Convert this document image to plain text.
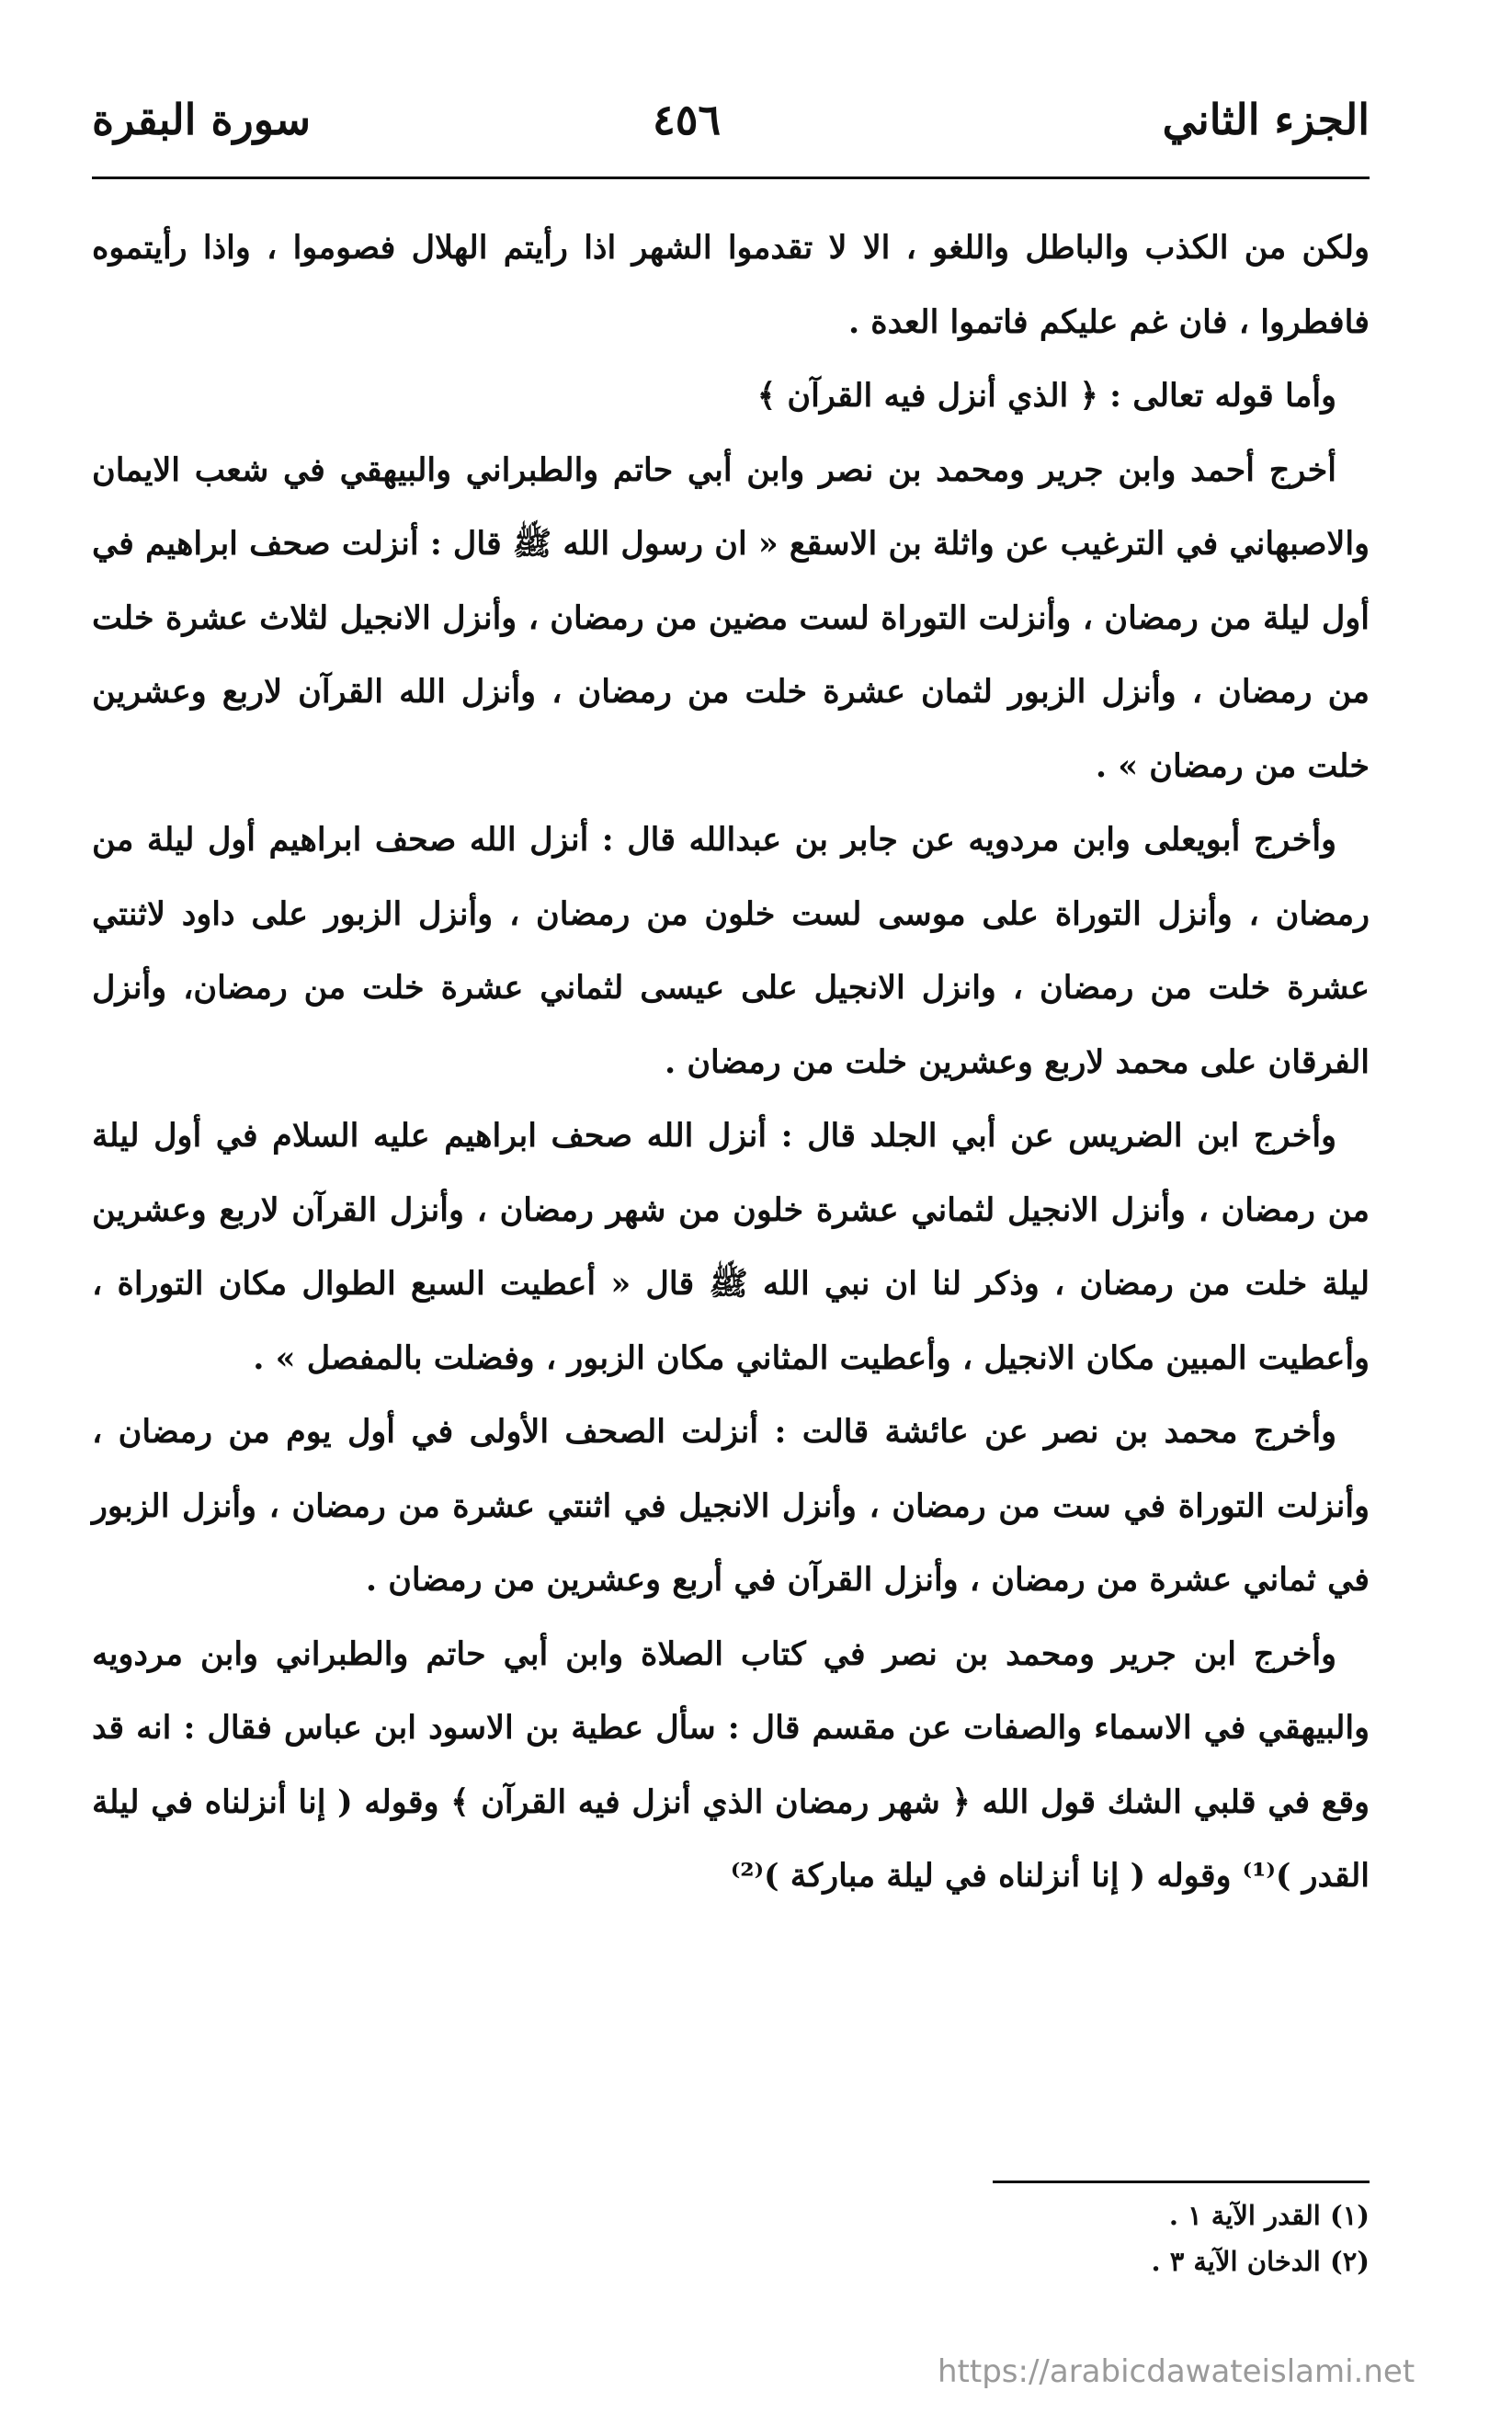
الجزء الثاني
٤٥٦
سورة البقرة

ولكن من الكذب والباطل واللغو ، الا لا تقدموا الشهر اذا رأيتم الهلال فصوموا ، واذا رأيتموه فافطروا ، فان غم عليكم فاتموا العدة .

وأما قوله تعالى : ﴿ الذي أنزل فيه القرآن ﴾

أخرج أحمد وابن جرير ومحمد بن نصر وابن أبي حاتم والطبراني والبيهقي في شعب الايمان والاصبهاني في الترغيب عن واثلة بن الاسقع « ان رسول الله ﷺ قال : أنزلت صحف ابراهيم في أول ليلة من رمضان ، وأنزلت التوراة لست مضين من رمضان ، وأنزل الانجيل لثلاث عشرة خلت من رمضان ، وأنزل الزبور لثمان عشرة خلت من رمضان ، وأنزل الله القرآن لاربع وعشرين خلت من رمضان » .

وأخرج أبويعلى وابن مردويه عن جابر بن عبدالله قال : أنزل الله صحف ابراهيم أول ليلة من رمضان ، وأنزل التوراة على موسى لست خلون من رمضان ، وأنزل الزبور على داود لاثنتي عشرة خلت من رمضان ، وانزل الانجيل على عيسى لثماني عشرة خلت من رمضان، وأنزل الفرقان على محمد لاربع وعشرين خلت من رمضان .

وأخرج ابن الضريس عن أبي الجلد قال : أنزل الله صحف ابراهيم عليه السلام في أول ليلة من رمضان ، وأنزل الانجيل لثماني عشرة خلون من شهر رمضان ، وأنزل القرآن لاربع وعشرين ليلة خلت من رمضان ، وذكر لنا ان نبي الله ﷺ قال « أعطيت السبع الطوال مكان التوراة ، وأعطيت المبين مكان الانجيل ، وأعطيت المثاني مكان الزبور ، وفضلت بالمفصل » .

وأخرج محمد بن نصر عن عائشة قالت : أنزلت الصحف الأولى في أول يوم من رمضان ، وأنزلت التوراة في ست من رمضان ، وأنزل الانجيل في اثنتي عشرة من رمضان ، وأنزل الزبور في ثماني عشرة من رمضان ، وأنزل القرآن في أربع وعشرين من رمضان .

وأخرج ابن جرير ومحمد بن نصر في كتاب الصلاة وابن أبي حاتم والطبراني وابن مردويه والبيهقي في الاسماء والصفات عن مقسم قال : سأل عطية بن الاسود ابن عباس فقال : انه قد وقع في قلبي الشك قول الله ﴿ شهر رمضان الذي أنزل فيه القرآن ﴾ وقوله ( إنا أنزلناه في ليلة القدر )⁽¹⁾ وقوله ( إنا أنزلناه في ليلة مباركة )⁽²⁾

(١) القدر الآية ١ .

(٢) الدخان الآية ٣ .

https://arabicdawateislami.net
